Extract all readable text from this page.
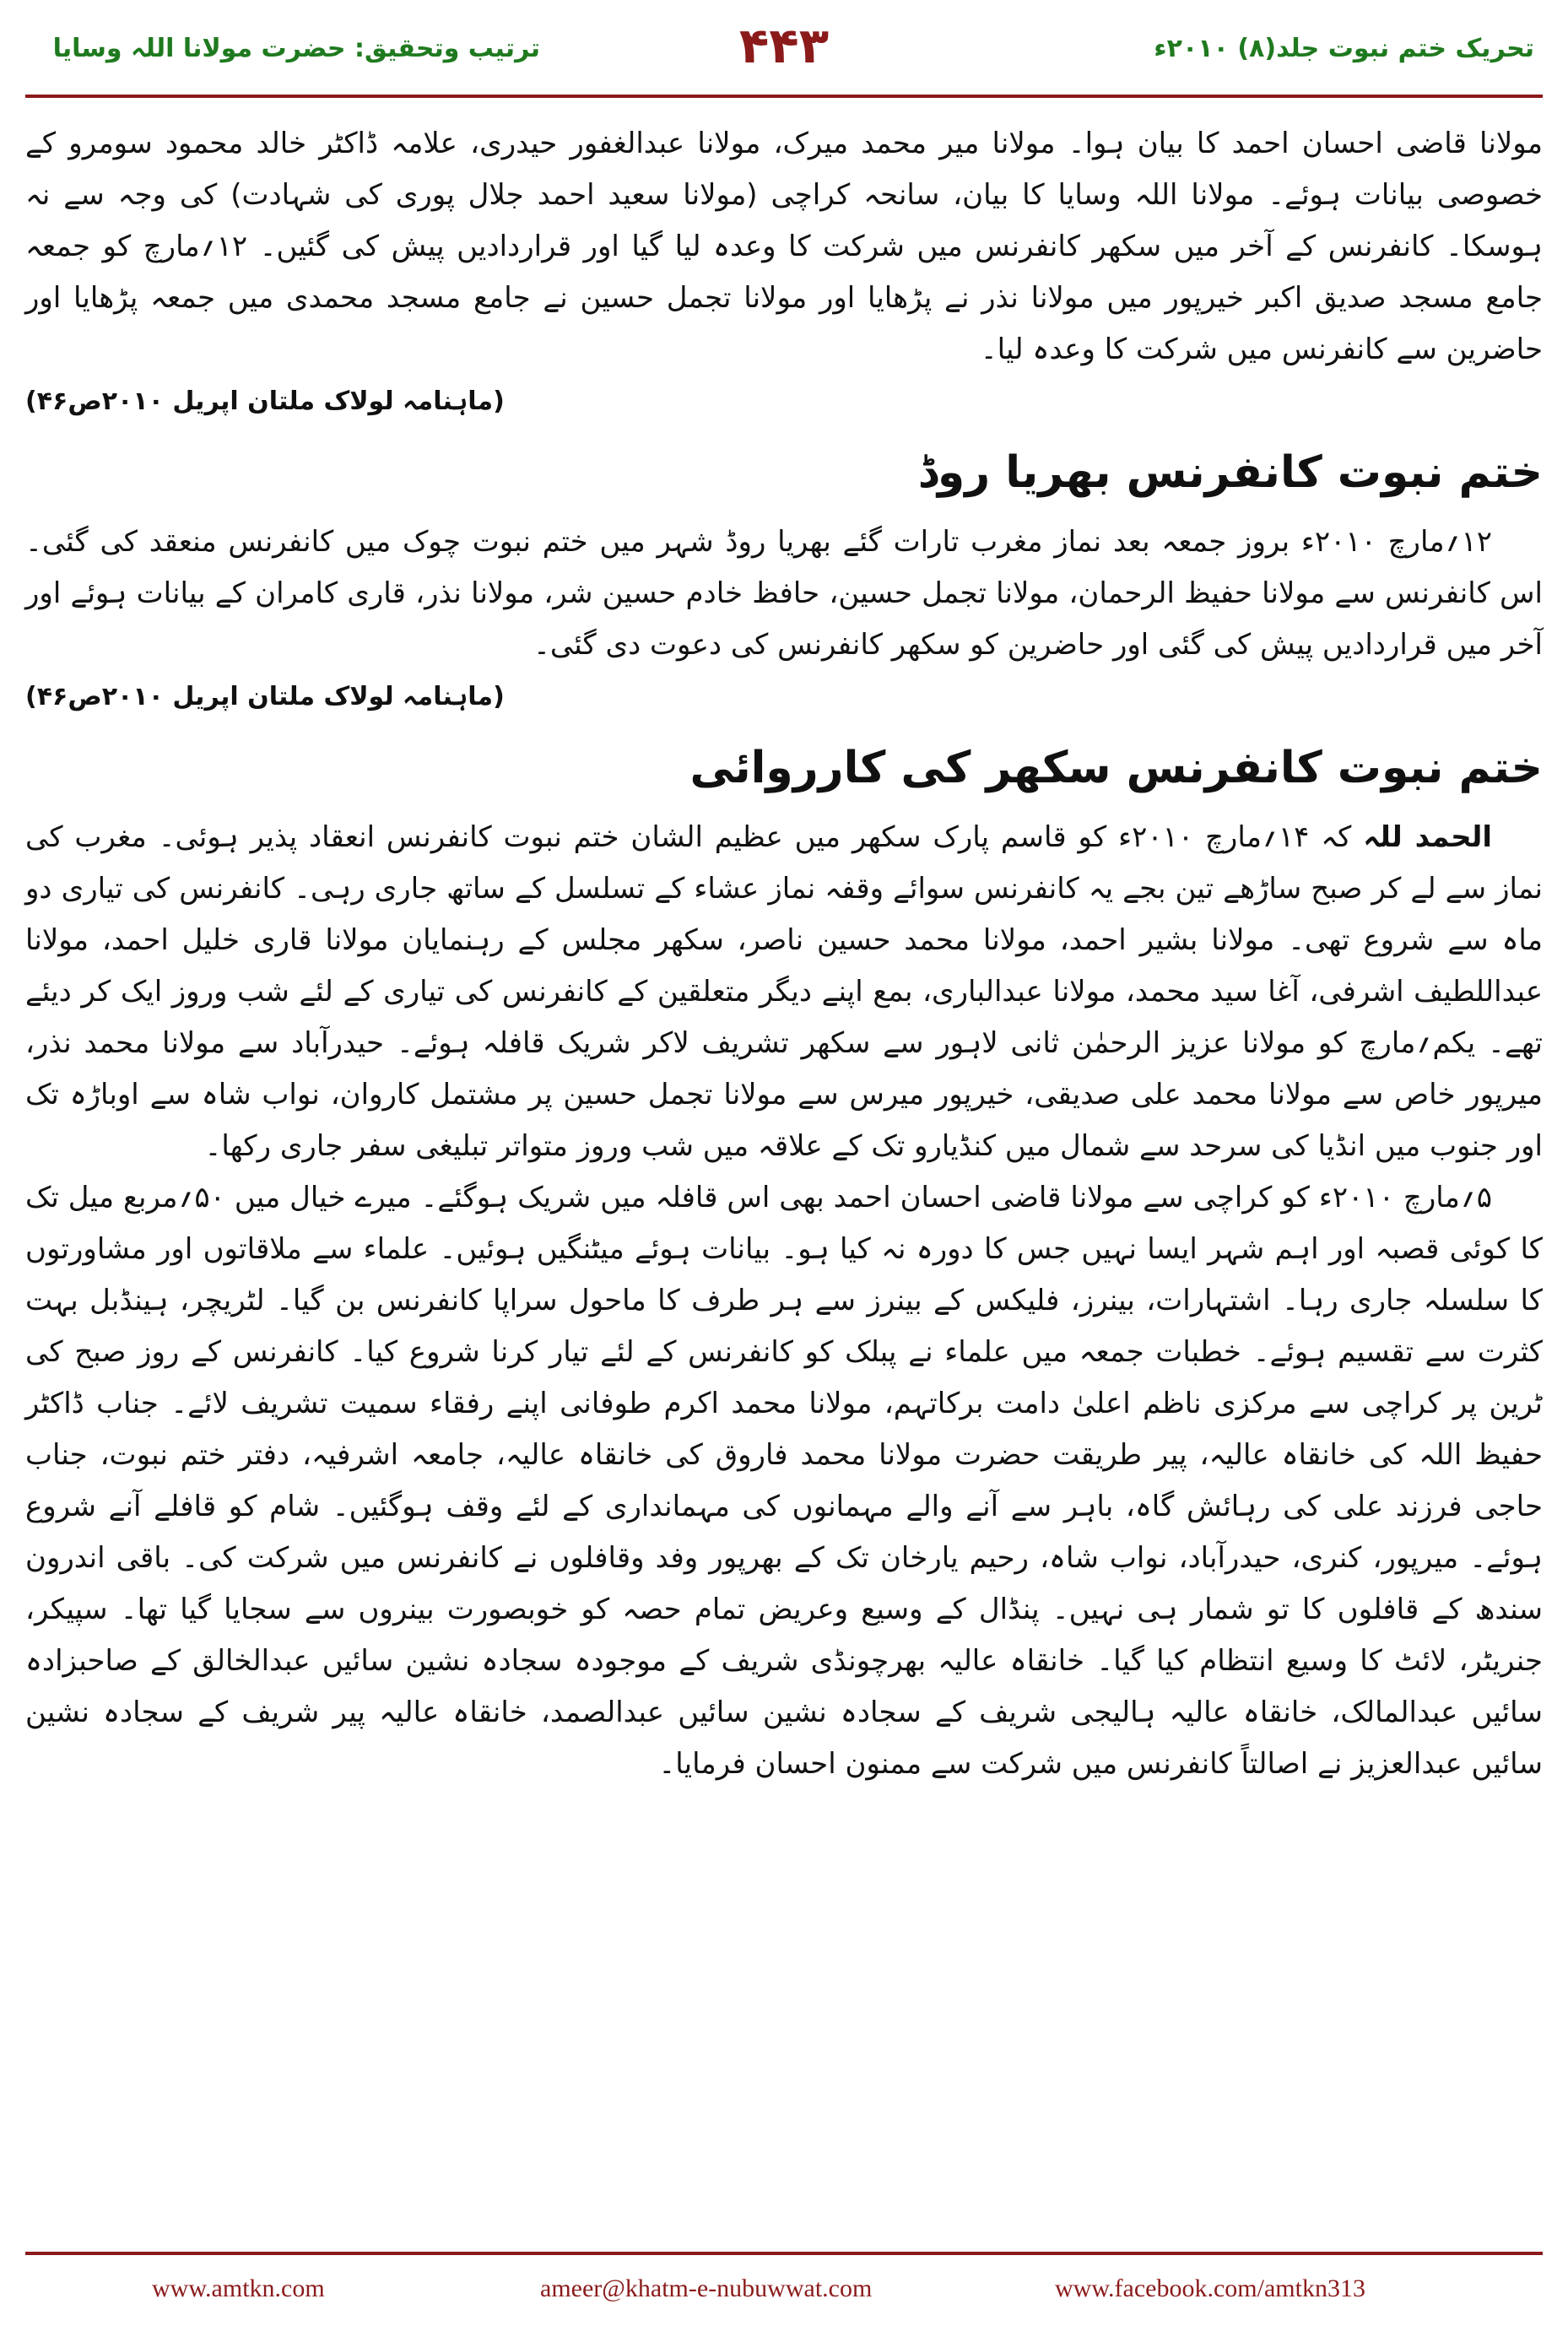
ترتیب وتحقیق: حضرت مولانا اللہ وسایا	۴۴۳	تحریک ختم نبوت جلد(۸) ۲۰۱۰ء

مولانا قاضی احسان احمد کا بیان ہوا۔ مولانا میر محمد میرک، مولانا عبدالغفور حیدری، علامہ ڈاکٹر خالد محمود سومرو کے خصوصی بیانات ہوئے۔ مولانا اللہ وسایا کا بیان، سانحہ کراچی (مولانا سعید احمد جلال پوری کی شہادت) کی وجہ سے نہ ہوسکا۔ کانفرنس کے آخر میں سکھر کانفرنس میں شرکت کا وعدہ لیا گیا اور قراردادیں پیش کی گئیں۔ ۱۲؍مارچ کو جمعہ جامع مسجد صدیق اکبر خیرپور میں مولانا نذر نے پڑھایا اور مولانا تجمل حسین نے جامع مسجد محمدی میں جمعہ پڑھایا اور حاضرین سے کانفرنس میں شرکت کا وعدہ لیا۔

(ماہنامہ لولاک ملتان اپریل ۲۰۱۰ص۴۶)

ختم نبوت کانفرنس بھریا روڈ

۱۲؍مارچ ۲۰۱۰ء بروز جمعہ بعد نماز مغرب تارات گئے بھریا روڈ شہر میں ختم نبوت چوک میں کانفرنس منعقد کی گئی۔ اس کانفرنس سے مولانا حفیظ الرحمان، مولانا تجمل حسین، حافظ خادم حسین شر، مولانا نذر، قاری کامران کے بیانات ہوئے اور آخر میں قراردادیں پیش کی گئی اور حاضرین کو سکھر کانفرنس کی دعوت دی گئی۔

(ماہنامہ لولاک ملتان اپریل ۲۰۱۰ص۴۶)

ختم نبوت کانفرنس سکھر کی کارروائی

الحمد للہ کہ ۱۴؍مارچ ۲۰۱۰ء کو قاسم پارک سکھر میں عظیم الشان ختم نبوت کانفرنس انعقاد پذیر ہوئی۔ مغرب کی نماز سے لے کر صبح ساڑھے تین بجے یہ کانفرنس سوائے وقفہ نماز عشاء کے تسلسل کے ساتھ جاری رہی۔ کانفرنس کی تیاری دو ماہ سے شروع تھی۔ مولانا بشیر احمد، مولانا محمد حسین ناصر، سکھر مجلس کے رہنمایان مولانا قاری خلیل احمد، مولانا عبداللطیف اشرفی، آغا سید محمد، مولانا عبدالباری، بمع اپنے دیگر متعلقین کے کانفرنس کی تیاری کے لئے شب وروز ایک کر دیئے تھے۔ یکم؍مارچ کو مولانا عزیز الرحمٰن ثانی لاہور سے سکھر تشریف لاکر شریک قافلہ ہوئے۔ حیدرآباد سے مولانا محمد نذر، میرپور خاص سے مولانا محمد علی صدیقی، خیرپور میرس سے مولانا تجمل حسین پر مشتمل کاروان، نواب شاہ سے اوباڑہ تک اور جنوب میں انڈیا کی سرحد سے شمال میں کنڈیارو تک کے علاقہ میں شب وروز متواتر تبلیغی سفر جاری رکھا۔

۵؍مارچ ۲۰۱۰ء کو کراچی سے مولانا قاضی احسان احمد بھی اس قافلہ میں شریک ہوگئے۔ میرے خیال میں ۵۰؍مربع میل تک کا کوئی قصبہ اور اہم شہر ایسا نہیں جس کا دورہ نہ کیا ہو۔ بیانات ہوئے میٹنگیں ہوئیں۔ علماء سے ملاقاتوں اور مشاورتوں کا سلسلہ جاری رہا۔ اشتہارات، بینرز، فلیکس کے بینرز سے ہر طرف کا ماحول سراپا کانفرنس بن گیا۔ لٹریچر، ہینڈبل بہت کثرت سے تقسیم ہوئے۔ خطبات جمعہ میں علماء نے پبلک کو کانفرنس کے لئے تیار کرنا شروع کیا۔ کانفرنس کے روز صبح کی ٹرین پر کراچی سے مرکزی ناظم اعلیٰ دامت برکاتہم، مولانا محمد اکرم طوفانی اپنے رفقاء سمیت تشریف لائے۔ جناب ڈاکٹر حفیظ اللہ کی خانقاہ عالیہ، پیر طریقت حضرت مولانا محمد فاروق کی خانقاہ عالیہ، جامعہ اشرفیہ، دفتر ختم نبوت، جناب حاجی فرزند علی کی رہائش گاہ، باہر سے آنے والے مہمانوں کی مہمانداری کے لئے وقف ہوگئیں۔ شام کو قافلے آنے شروع ہوئے۔ میرپور، کنری، حیدرآباد، نواب شاہ، رحیم یارخان تک کے بھرپور وفد وقافلوں نے کانفرنس میں شرکت کی۔ باقی اندرون سندھ کے قافلوں کا تو شمار ہی نہیں۔ پنڈال کے وسیع وعریض تمام حصہ کو خوبصورت بینروں سے سجایا گیا تھا۔ سپیکر، جنریٹر، لائٹ کا وسیع انتظام کیا گیا۔ خانقاہ عالیہ بھرچونڈی شریف کے موجودہ سجادہ نشین سائیں عبدالخالق کے صاحبزادہ سائیں عبدالمالک، خانقاہ عالیہ ہالیجی شریف کے سجادہ نشین سائیں عبدالصمد، خانقاہ عالیہ پیر شریف کے سجادہ نشین سائیں عبدالعزیز نے اصالتاً کانفرنس میں شرکت سے ممنون احسان فرمایا۔

www.amtkn.com	ameer@khatm-e-nubuwwat.com	www.facebook.com/amtkn313
